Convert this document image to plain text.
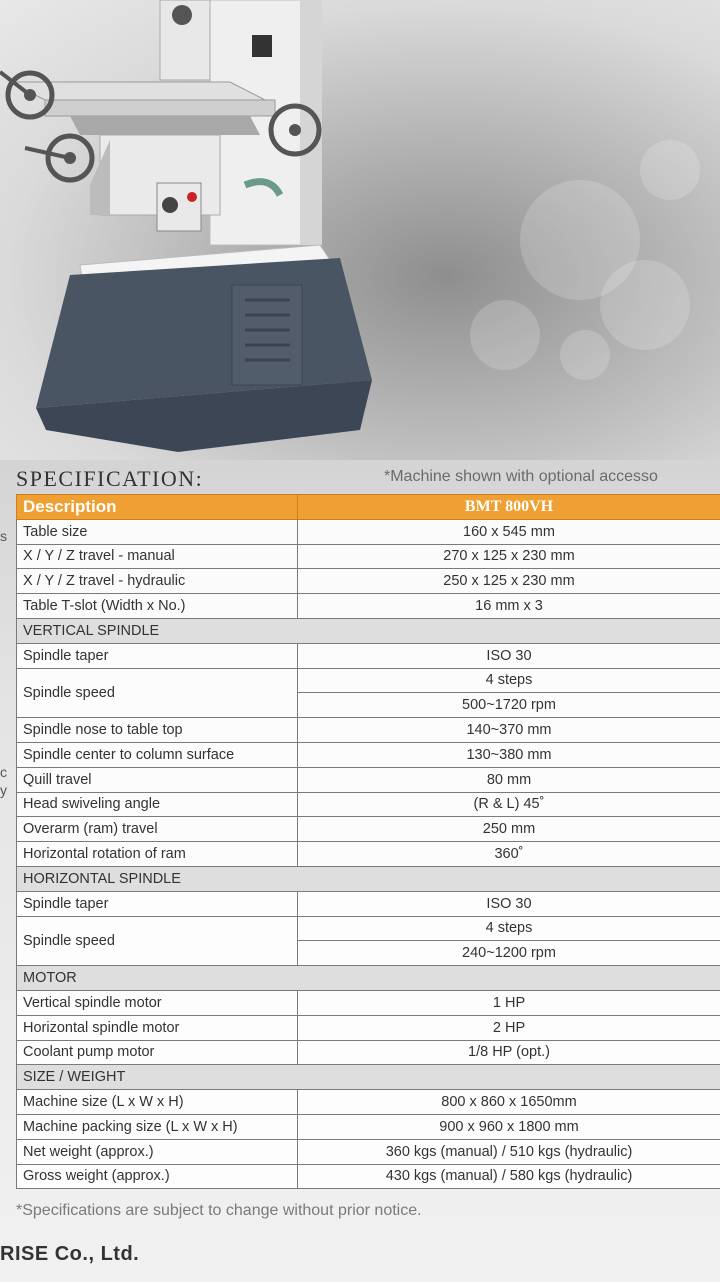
SPECIFICATION:	*Machine shown with optional accesso
s
c
y
Description	BMT 800VH
Table size	160 x 545 mm
X / Y / Z travel - manual	270 x 125 x 230 mm
X / Y / Z travel - hydraulic	250 x 125 x 230 mm
Table T-slot (Width x No.)	16 mm x 3
VERTICAL SPINDLE	
Spindle taper	ISO 30
Spindle speed	4 steps
	500~1720 rpm
Spindle nose to table top	140~370 mm
Spindle center to column surface	130~380 mm
Quill travel	80 mm
Head swiveling angle	(R & L) 45˚
Overarm (ram) travel	250 mm
Horizontal rotation of ram	360˚
HORIZONTAL SPINDLE	
Spindle taper	ISO 30
Spindle speed	4 steps
	240~1200 rpm
MOTOR	
Vertical spindle motor	1 HP
Horizontal spindle motor	2 HP
Coolant pump motor	1/8 HP (opt.)
SIZE / WEIGHT	
Machine size (L x W x H)	800 x 860 x 1650mm
Machine packing size (L x W x H)	900 x 960 x 1800 mm
Net weight (approx.)	360 kgs (manual) / 510 kgs (hydraulic)
Gross weight (approx.)	430 kgs (manual) / 580 kgs (hydraulic)
*Specifications are subject to change without prior notice.
RISE Co., Ltd.
